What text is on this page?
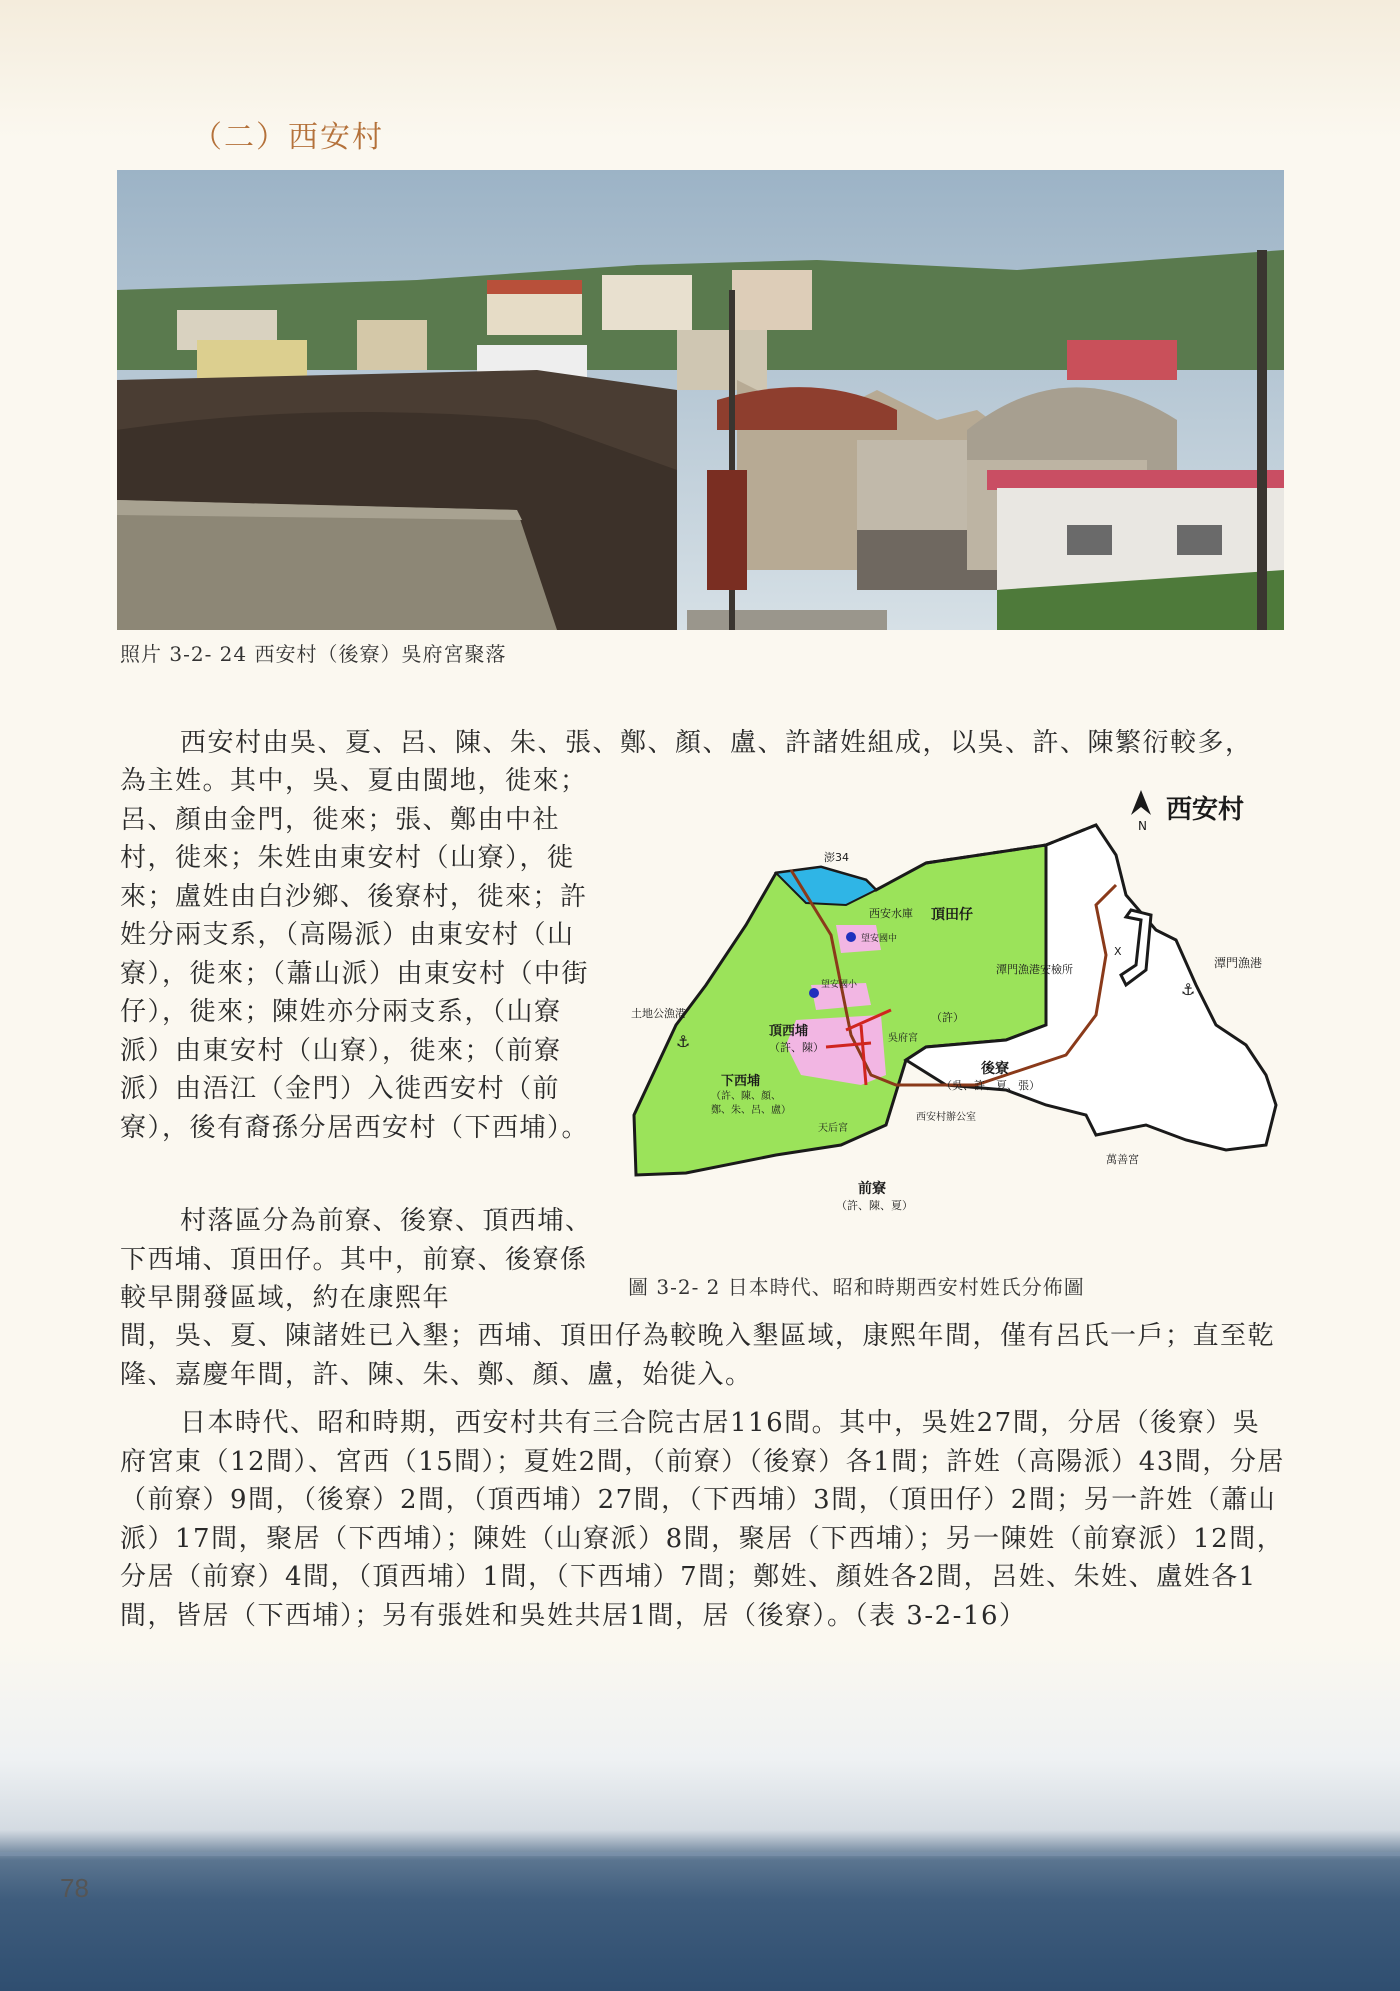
（二）西安村
照片 3-2- 24 西安村（後寮）吳府宮聚落

西安村由吳、夏、呂、陳、朱、張、鄭、顏、盧、許諸姓組成，以吳、許、陳繁衍較多，

為主姓。其中，吳、夏由閩地，徙來；呂、顏由金門，徙來；張、鄭由中社村，徙來；朱姓由東安村（山寮），徙來；盧姓由白沙鄉、後寮村，徙來；許姓分兩支系，（高陽派）由東安村（山寮），徙來；（蕭山派）由東安村（中街仔），徙來；陳姓亦分兩支系，（山寮派）由東安村（山寮），徙來；（前寮派）由浯江（金門）入徙西安村（前寮），後有裔孫分居西安村（下西埔）。

N
西安村
澎34
西安水庫 頂田仔
望安國中
望安國小
潭門漁港
潭門漁港安檢所
X
土地公漁港
頂西埔
（許、陳）
（許）
吳府宮
下西埔
（許、陳、顏、
鄭、朱、呂、盧）
後寮
（吳、許、夏、張）
西安村辦公室
天后宮
萬善宮
前寮
（許、陳、夏）
⚓
⚓
圖 3-2- 2 日本時代、昭和時期西安村姓氏分佈圖

村落區分為前寮、後寮、頂西埔、下西埔、頂田仔。其中，前寮、後寮係較早開發區域，約在康熙年

間，吳、夏、陳諸姓已入墾；西埔、頂田仔為較晚入墾區域，康熙年間，僅有呂氏一戶；直至乾隆、嘉慶年間，許、陳、朱、鄭、顏、盧，始徙入。

日本時代、昭和時期，西安村共有三合院古居116間。其中，吳姓27間，分居（後寮）吳府宮東（12間）、宮西（15間）；夏姓2間，（前寮）（後寮）各1間；許姓（高陽派）43間，分居（前寮）9間，（後寮）2間，（頂西埔）27間，（下西埔）3間，（頂田仔）2間；另一許姓（蕭山派）17間，聚居（下西埔）；陳姓（山寮派）8間，聚居（下西埔）；另一陳姓（前寮派）12間，分居（前寮）4間，（頂西埔）1間，（下西埔）7間；鄭姓、顏姓各2間，呂姓、朱姓、盧姓各1間，皆居（下西埔）；另有張姓和吳姓共居1間，居（後寮）。（表 3-2-16）

78
